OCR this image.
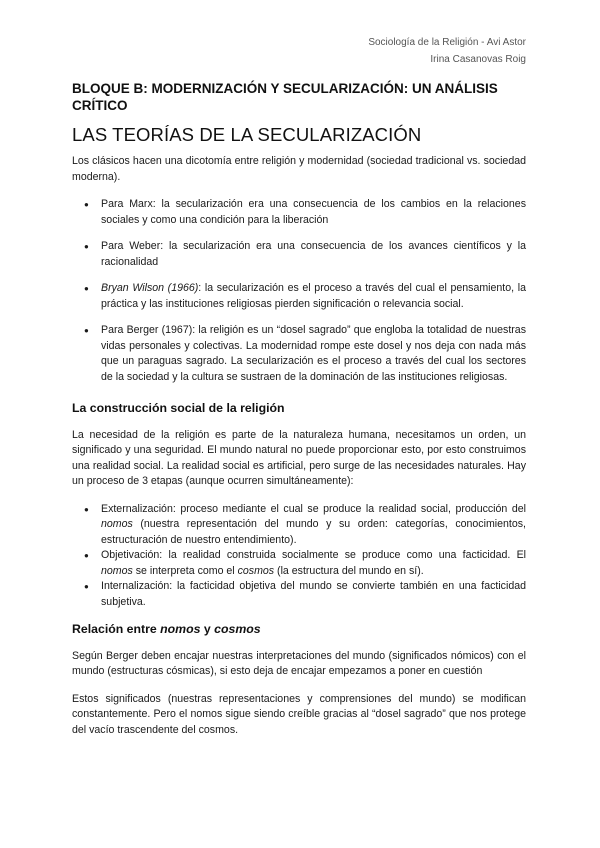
Sociología de la Religión - Avi Astor
Irina Casanovas Roig
BLOQUE B: MODERNIZACIÓN Y SECULARIZACIÓN: UN ANÁLISIS CRÍTICO
LAS TEORÍAS DE LA SECULARIZACIÓN

Los clásicos hacen una dicotomía entre religión y modernidad (sociedad tradicional vs. sociedad moderna).

● Para Marx: la secularización era una consecuencia de los cambios en la relaciones sociales y como una condición para la liberación
● Para Weber: la secularización era una consecuencia de los avances científicos y la racionalidad
● Bryan Wilson (1966): la secularización es el proceso a través del cual el pensamiento, la práctica y las instituciones religiosas pierden significación o relevancia social.
● Para Berger (1967): la religión es un “dosel sagrado” que engloba la totalidad de nuestras vidas personales y colectivas. La modernidad rompe este dosel y nos deja con nada más que un paraguas sagrado. La secularización es el proceso a través del cual los sectores de la sociedad y la cultura se sustraen de la dominación de las instituciones religiosas.
La construcción social de la religión

La necesidad de la religión es parte de la naturaleza humana, necesitamos un orden, un significado y una seguridad. El mundo natural no puede proporcionar esto, por esto construimos una realidad social. La realidad social es artificial, pero surge de las necesidades naturales. Hay un proceso de 3 etapas (aunque ocurren simultáneamente):

● Externalización: proceso mediante el cual se produce la realidad social, producción del nomos (nuestra representación del mundo y su orden: categorías, conocimientos, estructuración de nuestro entendimiento).
● Objetivación: la realidad construida socialmente se produce como una facticidad. El nomos se interpreta como el cosmos (la estructura del mundo en sí).
● Internalización: la facticidad objetiva del mundo se convierte también en una facticidad subjetiva.
Relación entre nomos y cosmos

Según Berger deben encajar nuestras interpretaciones del mundo (significados nómicos) con el mundo (estructuras cósmicas), si esto deja de encajar empezamos a poner en cuestión

Estos significados (nuestras representaciones y comprensiones del mundo) se modifican constantemente. Pero el nomos sigue siendo creíble gracias al “dosel sagrado” que nos protege del vacío trascendente del cosmos.
